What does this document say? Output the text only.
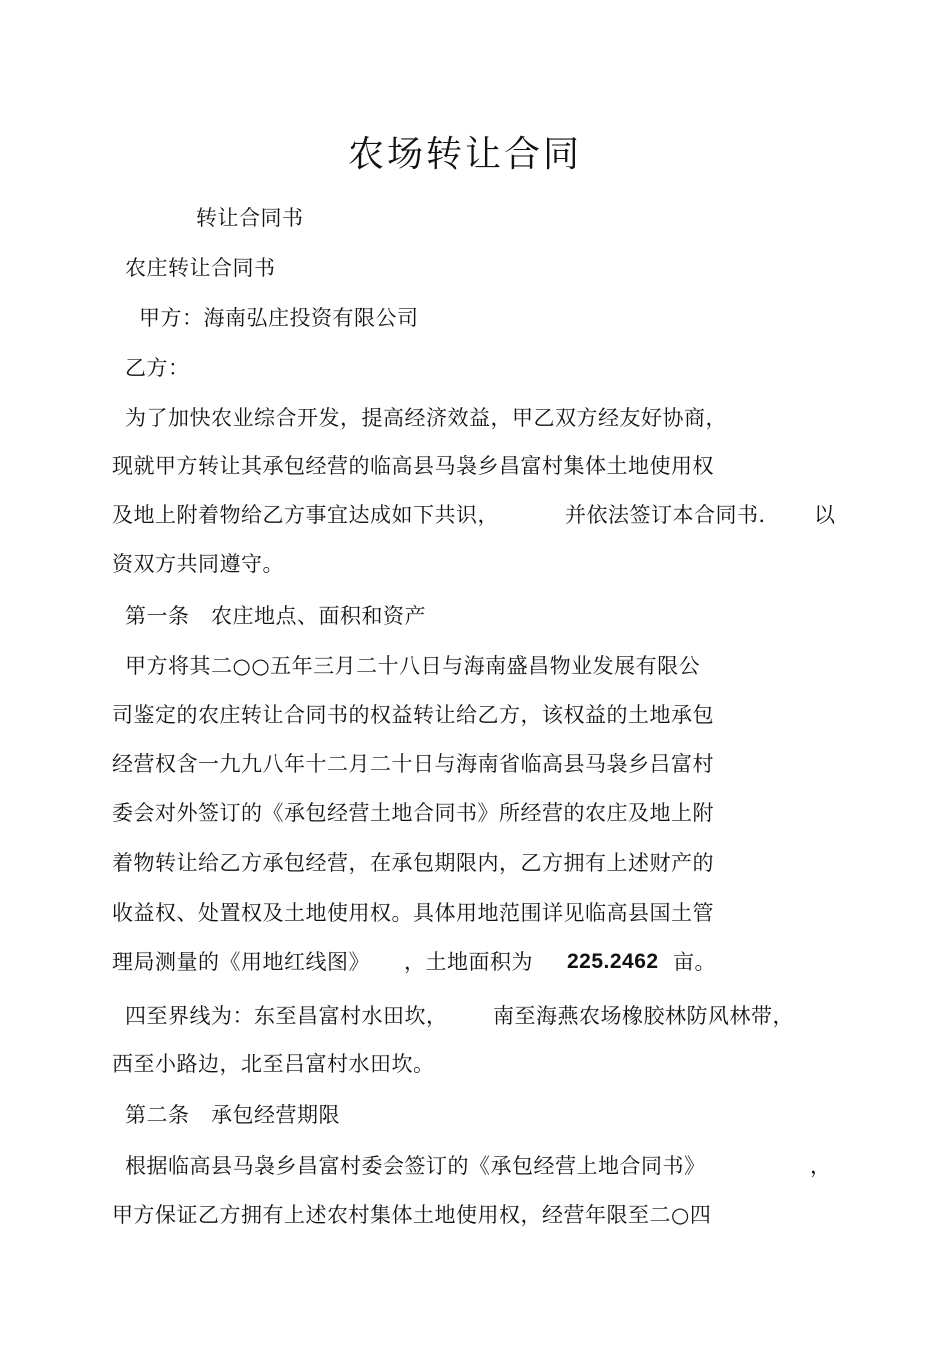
农场转让合同
转让合同书
农庄转让合同书
甲方：海南弘庄投资有限公司
乙方：
为了加快农业综合开发，提高经济效益，甲乙双方经友好协商，
现就甲方转让其承包经营的临高县马袅乡昌富村集体土地使用权
及地上附着物给乙方事宜达成如下共识，	并依法签订本合同书． 以
资双方共同遵守。
第一条　农庄地点、面积和资产
甲方将其二○○五年三月二十八日与海南盛昌物业发展有限公
司鉴定的农庄转让合同书的权益转让给乙方，该权益的土地承包
经营权含一九九八年十二月二十日与海南省临高县马袅乡吕富村
委会对外签订的《承包经营土地合同书》所经营的农庄及地上附
着物转让给乙方承包经营，在承包期限内，乙方拥有上述财产的
收益权、处置权及土地使用权。具体用地范围详见临高县国土管
理局测量的《用地红线图》 ，土地面积为 225.2462 亩。
四至界线为：东至昌富村水田坎， 南至海燕农场橡胶林防风林带，
西至小路边，北至吕富村水田坎。
第二条　承包经营期限
根据临高县马袅乡昌富村委会签订的《承包经营上地合同书》	，
甲方保证乙方拥有上述农村集体土地使用权，经营年限至二○四
